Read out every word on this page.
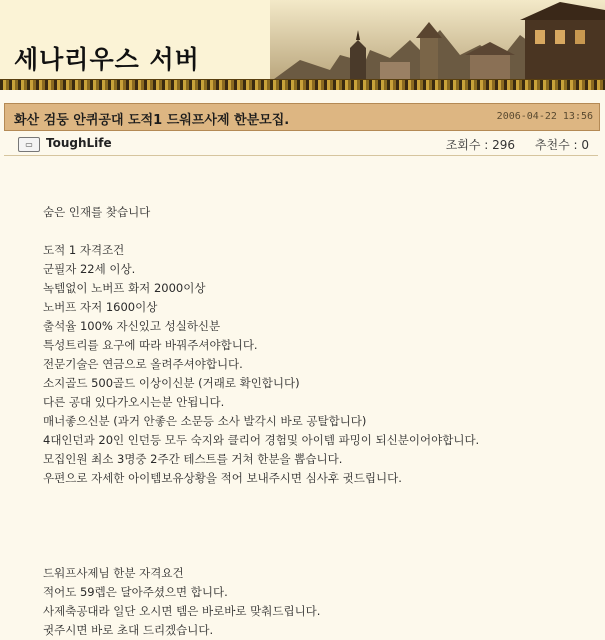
세나리우스 서버
화산 검둥 안퀴공대 도적1 드워프사제 한분모집.	2006-04-22 13:56
▭	ToughLife	조회수 : 296 추천수 : 0
숨은 인재를 찾습니다
도적 1 자격조건
군필자 22세 이상.
녹템없이 노버프 화저 2000이상
노버프 자저 1600이상
출석율 100% 자신있고 성실하신분
특성트리를 요구에 따라 바꿔주셔야합니다.
전문기술은 연금으로 올려주셔야합니다.
소지골드 500골드 이상이신분 (거래로 확인합니다)
다른 공대 있다가오시는분 안됩니다.
매너좋으신분 (과거 안좋은 소문등 소사 발각시 바로 공탈합니다)
4대인던과 20인 인던등 모두 숙지와 클리어 경험및 아이템 파밍이 되신분이어야합니다.
모집인원 최소 3명중 2주간 테스트를 거쳐 한분을 뽑습니다.
우편으로 자세한 아이템보유상황을 적어 보내주시면 심사후 귓드립니다.
드워프사제님 한분 자격요건
적어도 59렙은 달아주셨으면 합니다.
사제축공대라 일단 오시면 템은 바로바로 맞춰드립니다.
귓주시면 바로 초대 드리겠습니다.
